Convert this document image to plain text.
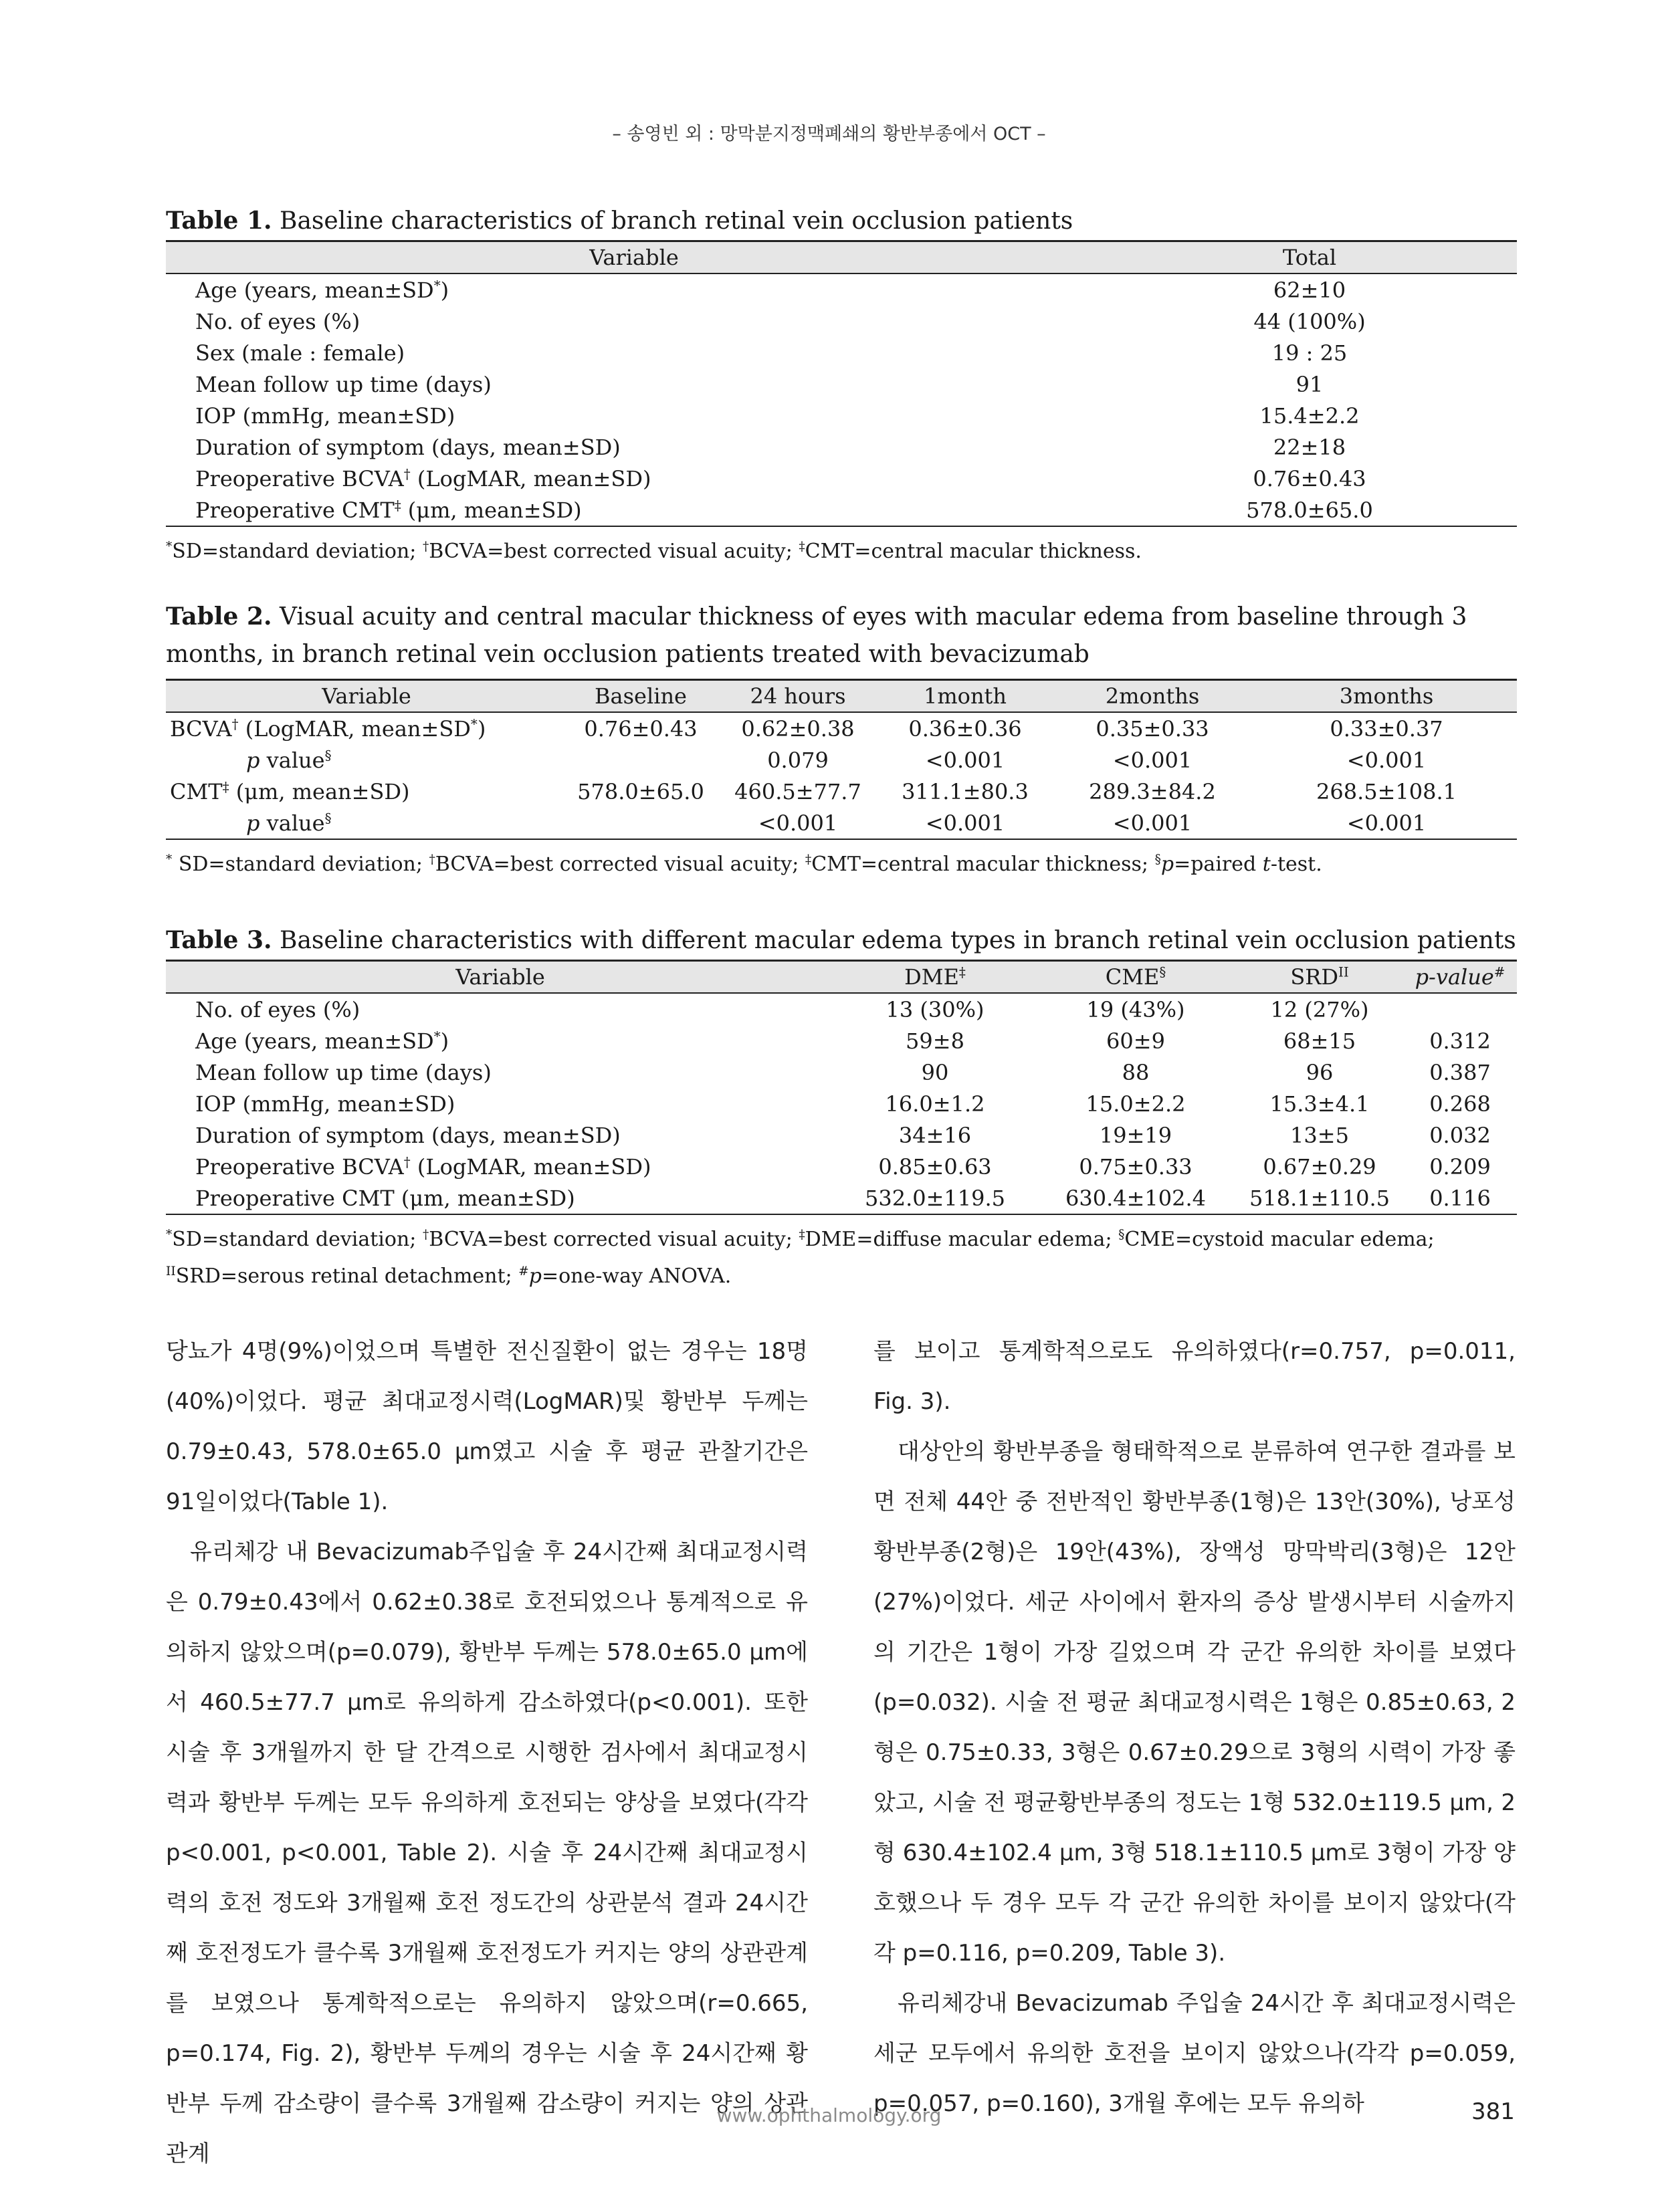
– 송영빈 외 : 망막분지정맥폐쇄의 황반부종에서 OCT –

Table 1. Baseline characteristics of branch retinal vein occlusion patients

Variable	Total
Age (years, mean±SD*)	62±10
No. of eyes (%)	44 (100%)
Sex (male : female)	19 : 25
Mean follow up time (days)	91
IOP (mmHg, mean±SD)	15.4±2.2
Duration of symptom (days, mean±SD)	22±18
Preoperative BCVA† (LogMAR, mean±SD)	0.76±0.43
Preoperative CMT‡ (μm, mean±SD)	578.0±65.0

*SD=standard deviation; †BCVA=best corrected visual acuity; ‡CMT=central macular thickness.

Table 2. Visual acuity and central macular thickness of eyes with macular edema from baseline through 3 months, in branch retinal vein occlusion patients treated with bevacizumab

Variable	Baseline	24 hours	1month	2months	3months
BCVA† (LogMAR, mean±SD*)	0.76±0.43	0.62±0.38	0.36±0.36	0.35±0.33	0.33±0.37
p value§		0.079	<0.001	<0.001	<0.001
CMT‡ (μm, mean±SD)	578.0±65.0	460.5±77.7	311.1±80.3	289.3±84.2	268.5±108.1
p value§		<0.001	<0.001	<0.001	<0.001

* SD=standard deviation; †BCVA=best corrected visual acuity; ‡CMT=central macular thickness; §p=paired t-test.

Table 3. Baseline characteristics with different macular edema types in branch retinal vein occlusion patients

Variable	DME‡	CME§	$SRD^{II}$	p-value#
No. of eyes (%)	13 (30%)	19 (43%)	12 (27%)	
Age (years, mean±SD*)	59±8	60±9	68±15	0.312
Mean follow up time (days)	90	88	96	0.387
IOP (mmHg, mean±SD)	16.0±1.2	15.0±2.2	15.3±4.1	0.268
Duration of symptom (days, mean±SD)	34±16	19±19	13±5	0.032
Preoperative BCVA† (LogMAR, mean±SD)	0.85±0.63	0.75±0.33	0.67±0.29	0.209
Preoperative CMT (μm, mean±SD)	532.0±119.5	630.4±102.4	518.1±110.5	0.116

*SD=standard deviation; †BCVA=best corrected visual acuity; ‡DME=diffuse macular edema; §CME=cystoid macular edema;
$^{II}$SRD=serous retinal detachment; #p=one-way ANOVA.

당뇨가 4명(9%)이었으며 특별한 전신질환이 없는 경우는 18명(40%)이었다. 평균 최대교정시력(LogMAR)및 황반부 두께는 0.79±0.43, 578.0±65.0 μm였고 시술 후 평균 관찰기간은 91일이었다(Table 1).

유리체강 내 Bevacizumab주입술 후 24시간째 최대교정시력은 0.79±0.43에서 0.62±0.38로 호전되었으나 통계적으로 유의하지 않았으며(p=0.079), 황반부 두께는 578.0±65.0 μm에서 460.5±77.7 μm로 유의하게 감소하였다(p<0.001). 또한 시술 후 3개월까지 한 달 간격으로 시행한 검사에서 최대교정시력과 황반부 두께는 모두 유의하게 호전되는 양상을 보였다(각각 p<0.001, p<0.001, Table 2). 시술 후 24시간째 최대교정시력의 호전 정도와 3개월째 호전 정도간의 상관분석 결과 24시간째 호전정도가 클수록 3개월째 호전정도가 커지는 양의 상관관계를 보였으나 통계학적으로는 유의하지 않았으며(r=0.665, p=0.174, Fig. 2), 황반부 두께의 경우는 시술 후 24시간째 황반부 두께 감소량이 클수록 3개월째 감소량이 커지는 양의 상관관계

를 보이고 통계학적으로도 유의하였다(r=0.757, p=0.011, Fig. 3).

대상안의 황반부종을 형태학적으로 분류하여 연구한 결과를 보면 전체 44안 중 전반적인 황반부종(1형)은 13안(30%), 낭포성 황반부종(2형)은 19안(43%), 장액성 망막박리(3형)은 12안(27%)이었다. 세군 사이에서 환자의 증상 발생시부터 시술까지의 기간은 1형이 가장 길었으며 각 군간 유의한 차이를 보였다(p=0.032). 시술 전 평균 최대교정시력은 1형은 0.85±0.63, 2형은 0.75±0.33, 3형은 0.67±0.29으로 3형의 시력이 가장 좋았고, 시술 전 평균황반부종의 정도는 1형 532.0±119.5 μm, 2형 630.4±102.4 μm, 3형 518.1±110.5 μm로 3형이 가장 양호했으나 두 경우 모두 각 군간 유의한 차이를 보이지 않았다(각각 p=0.116, p=0.209, Table 3).

유리체강내 Bevacizumab 주입술 24시간 후 최대교정시력은 세군 모두에서 유의한 호전을 보이지 않았으나(각각 p=0.059, p=0.057, p=0.160), 3개월 후에는 모두 유의하

www.ophthalmology.org	381
